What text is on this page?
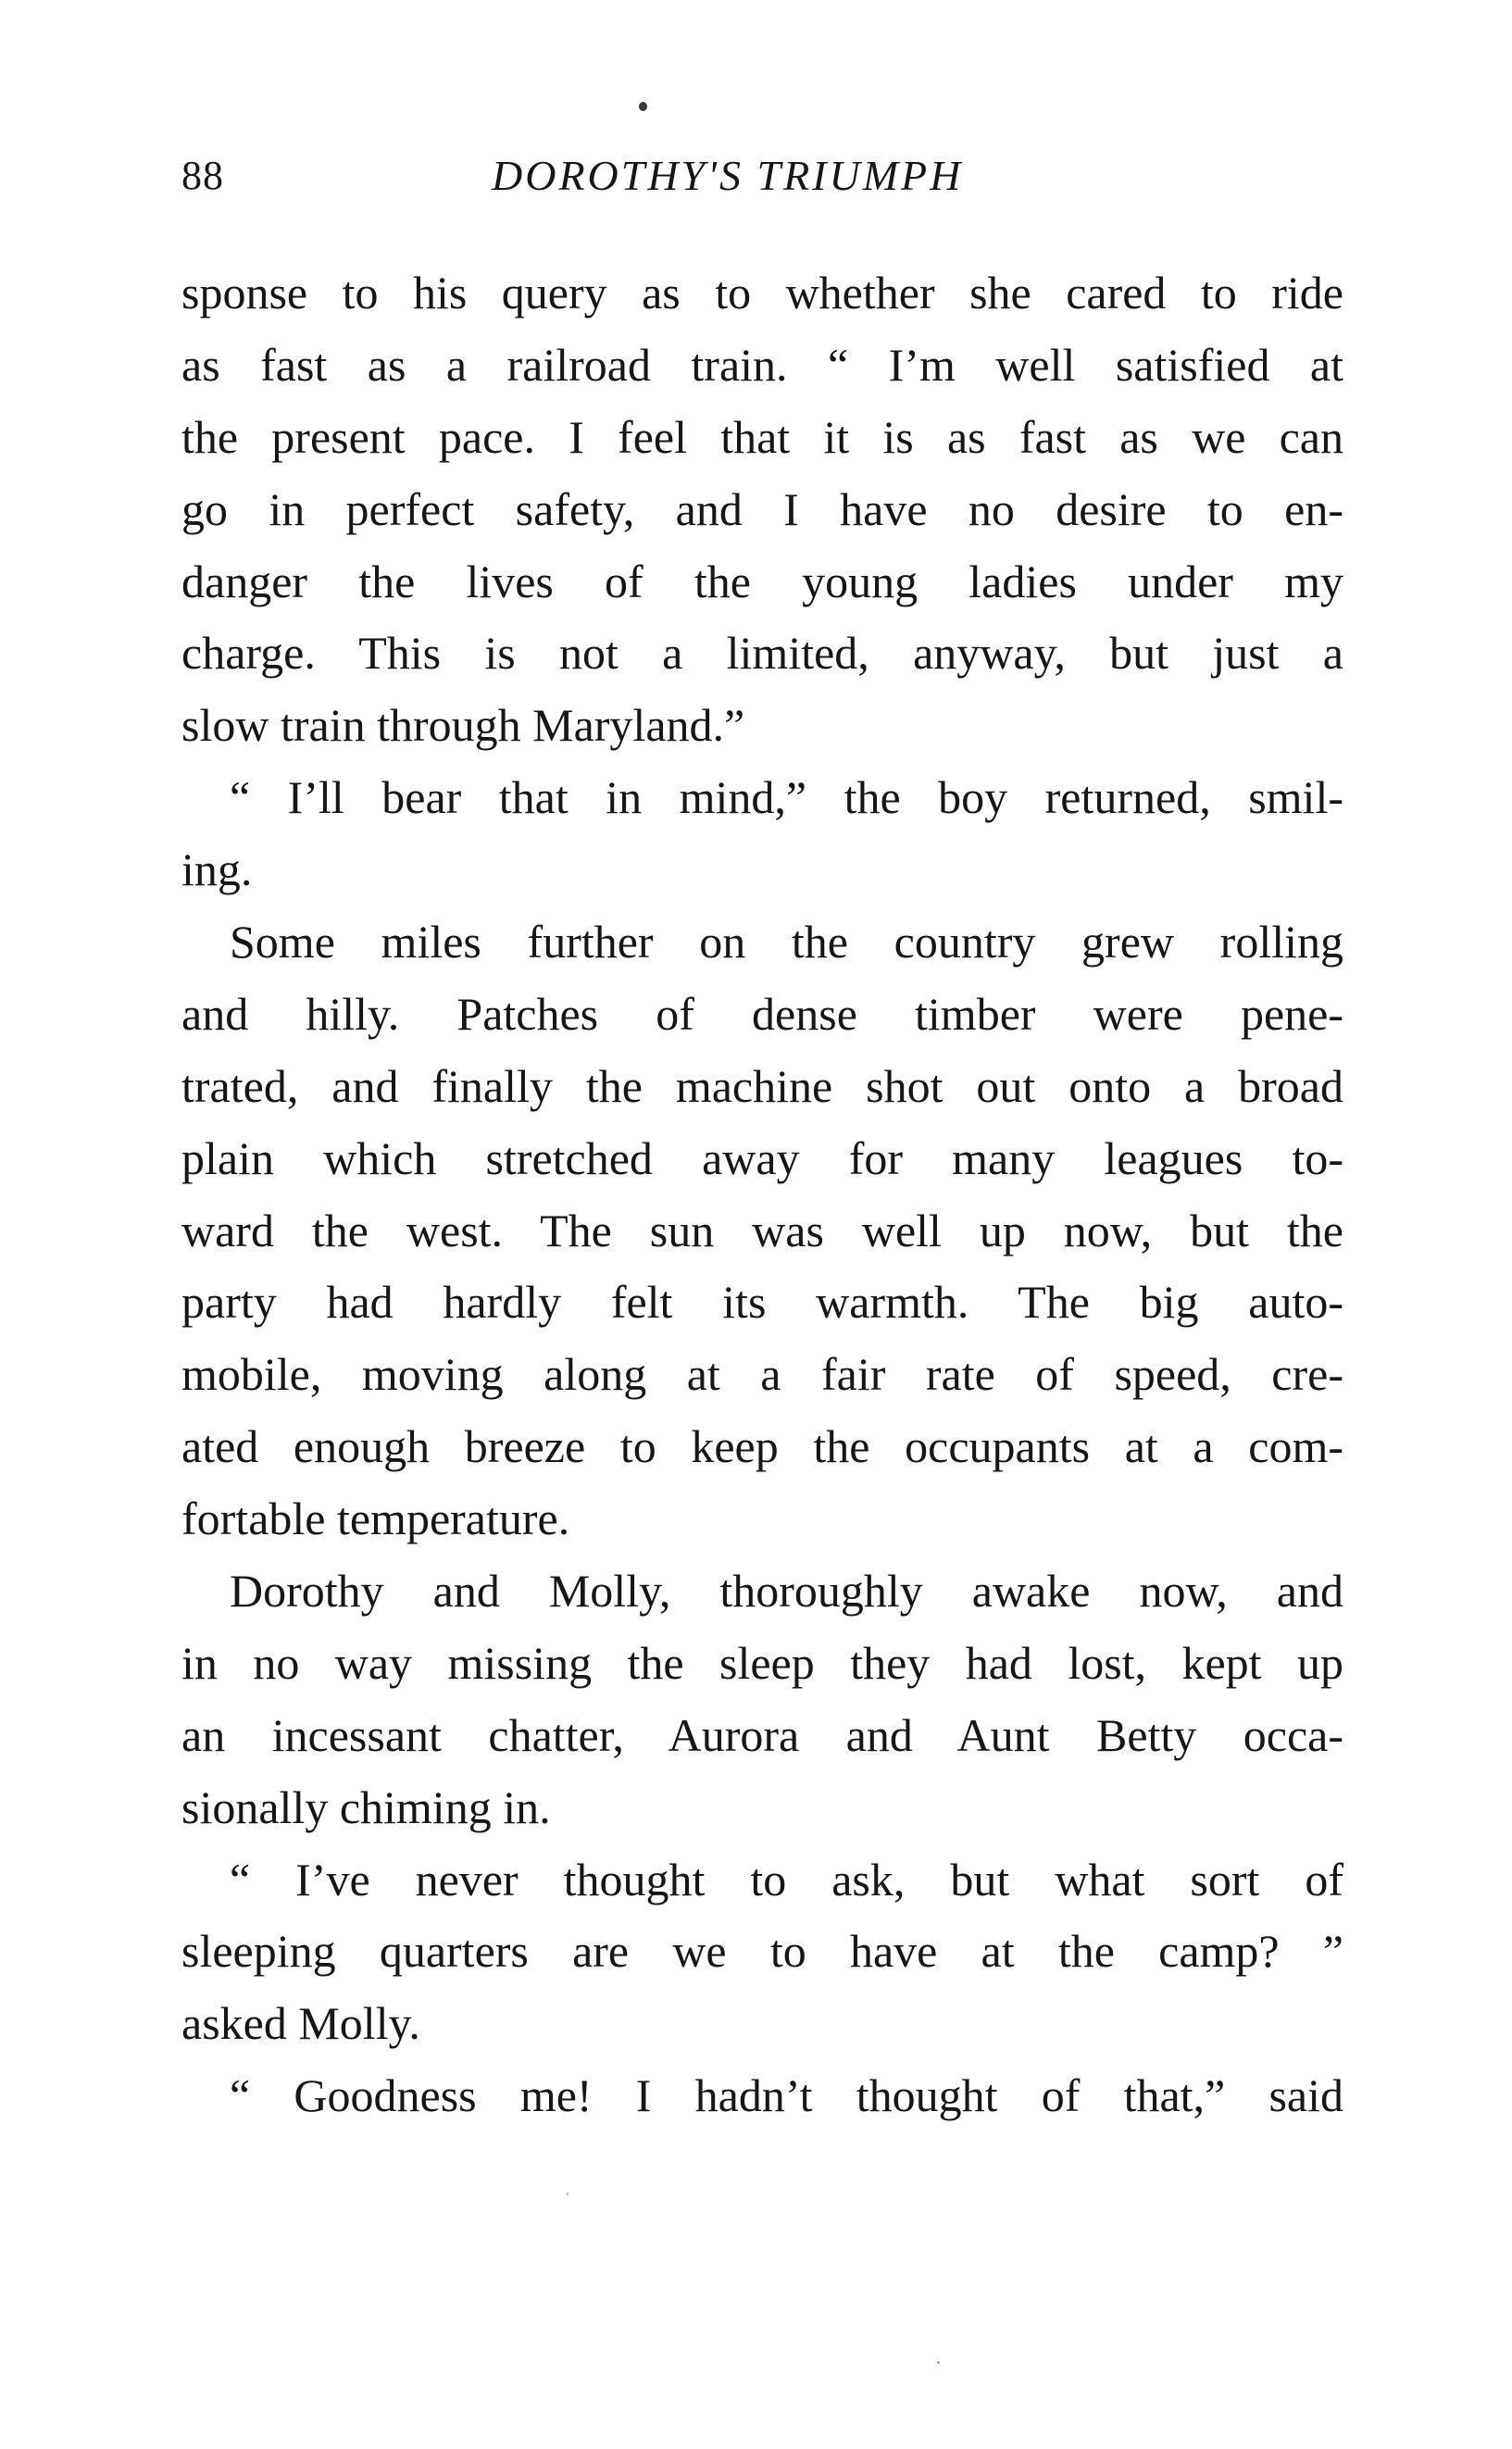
88	DOROTHY'S TRIUMPH
sponse to his query as to whether she cared to ride
as fast as a railroad train. “ I’m well satisfied at
the present pace. I feel that it is as fast as we can
go in perfect safety, and I have no desire to en-
danger the lives of the young ladies under my
charge. This is not a limited, anyway, but just a
slow train through Maryland.”
“ I’ll bear that in mind,” the boy returned, smil-
ing.
Some miles further on the country grew rolling
and hilly. Patches of dense timber were pene-
trated, and finally the machine shot out onto a broad
plain which stretched away for many leagues to-
ward the west. The sun was well up now, but the
party had hardly felt its warmth. The big auto-
mobile, moving along at a fair rate of speed, cre-
ated enough breeze to keep the occupants at a com-
fortable temperature.
Dorothy and Molly, thoroughly awake now, and
in no way missing the sleep they had lost, kept up
an incessant chatter, Aurora and Aunt Betty occa-
sionally chiming in.
“ I’ve never thought to ask, but what sort of
sleeping quarters are we to have at the camp? ”
asked Molly.
“ Goodness me! I hadn’t thought of that,” said
